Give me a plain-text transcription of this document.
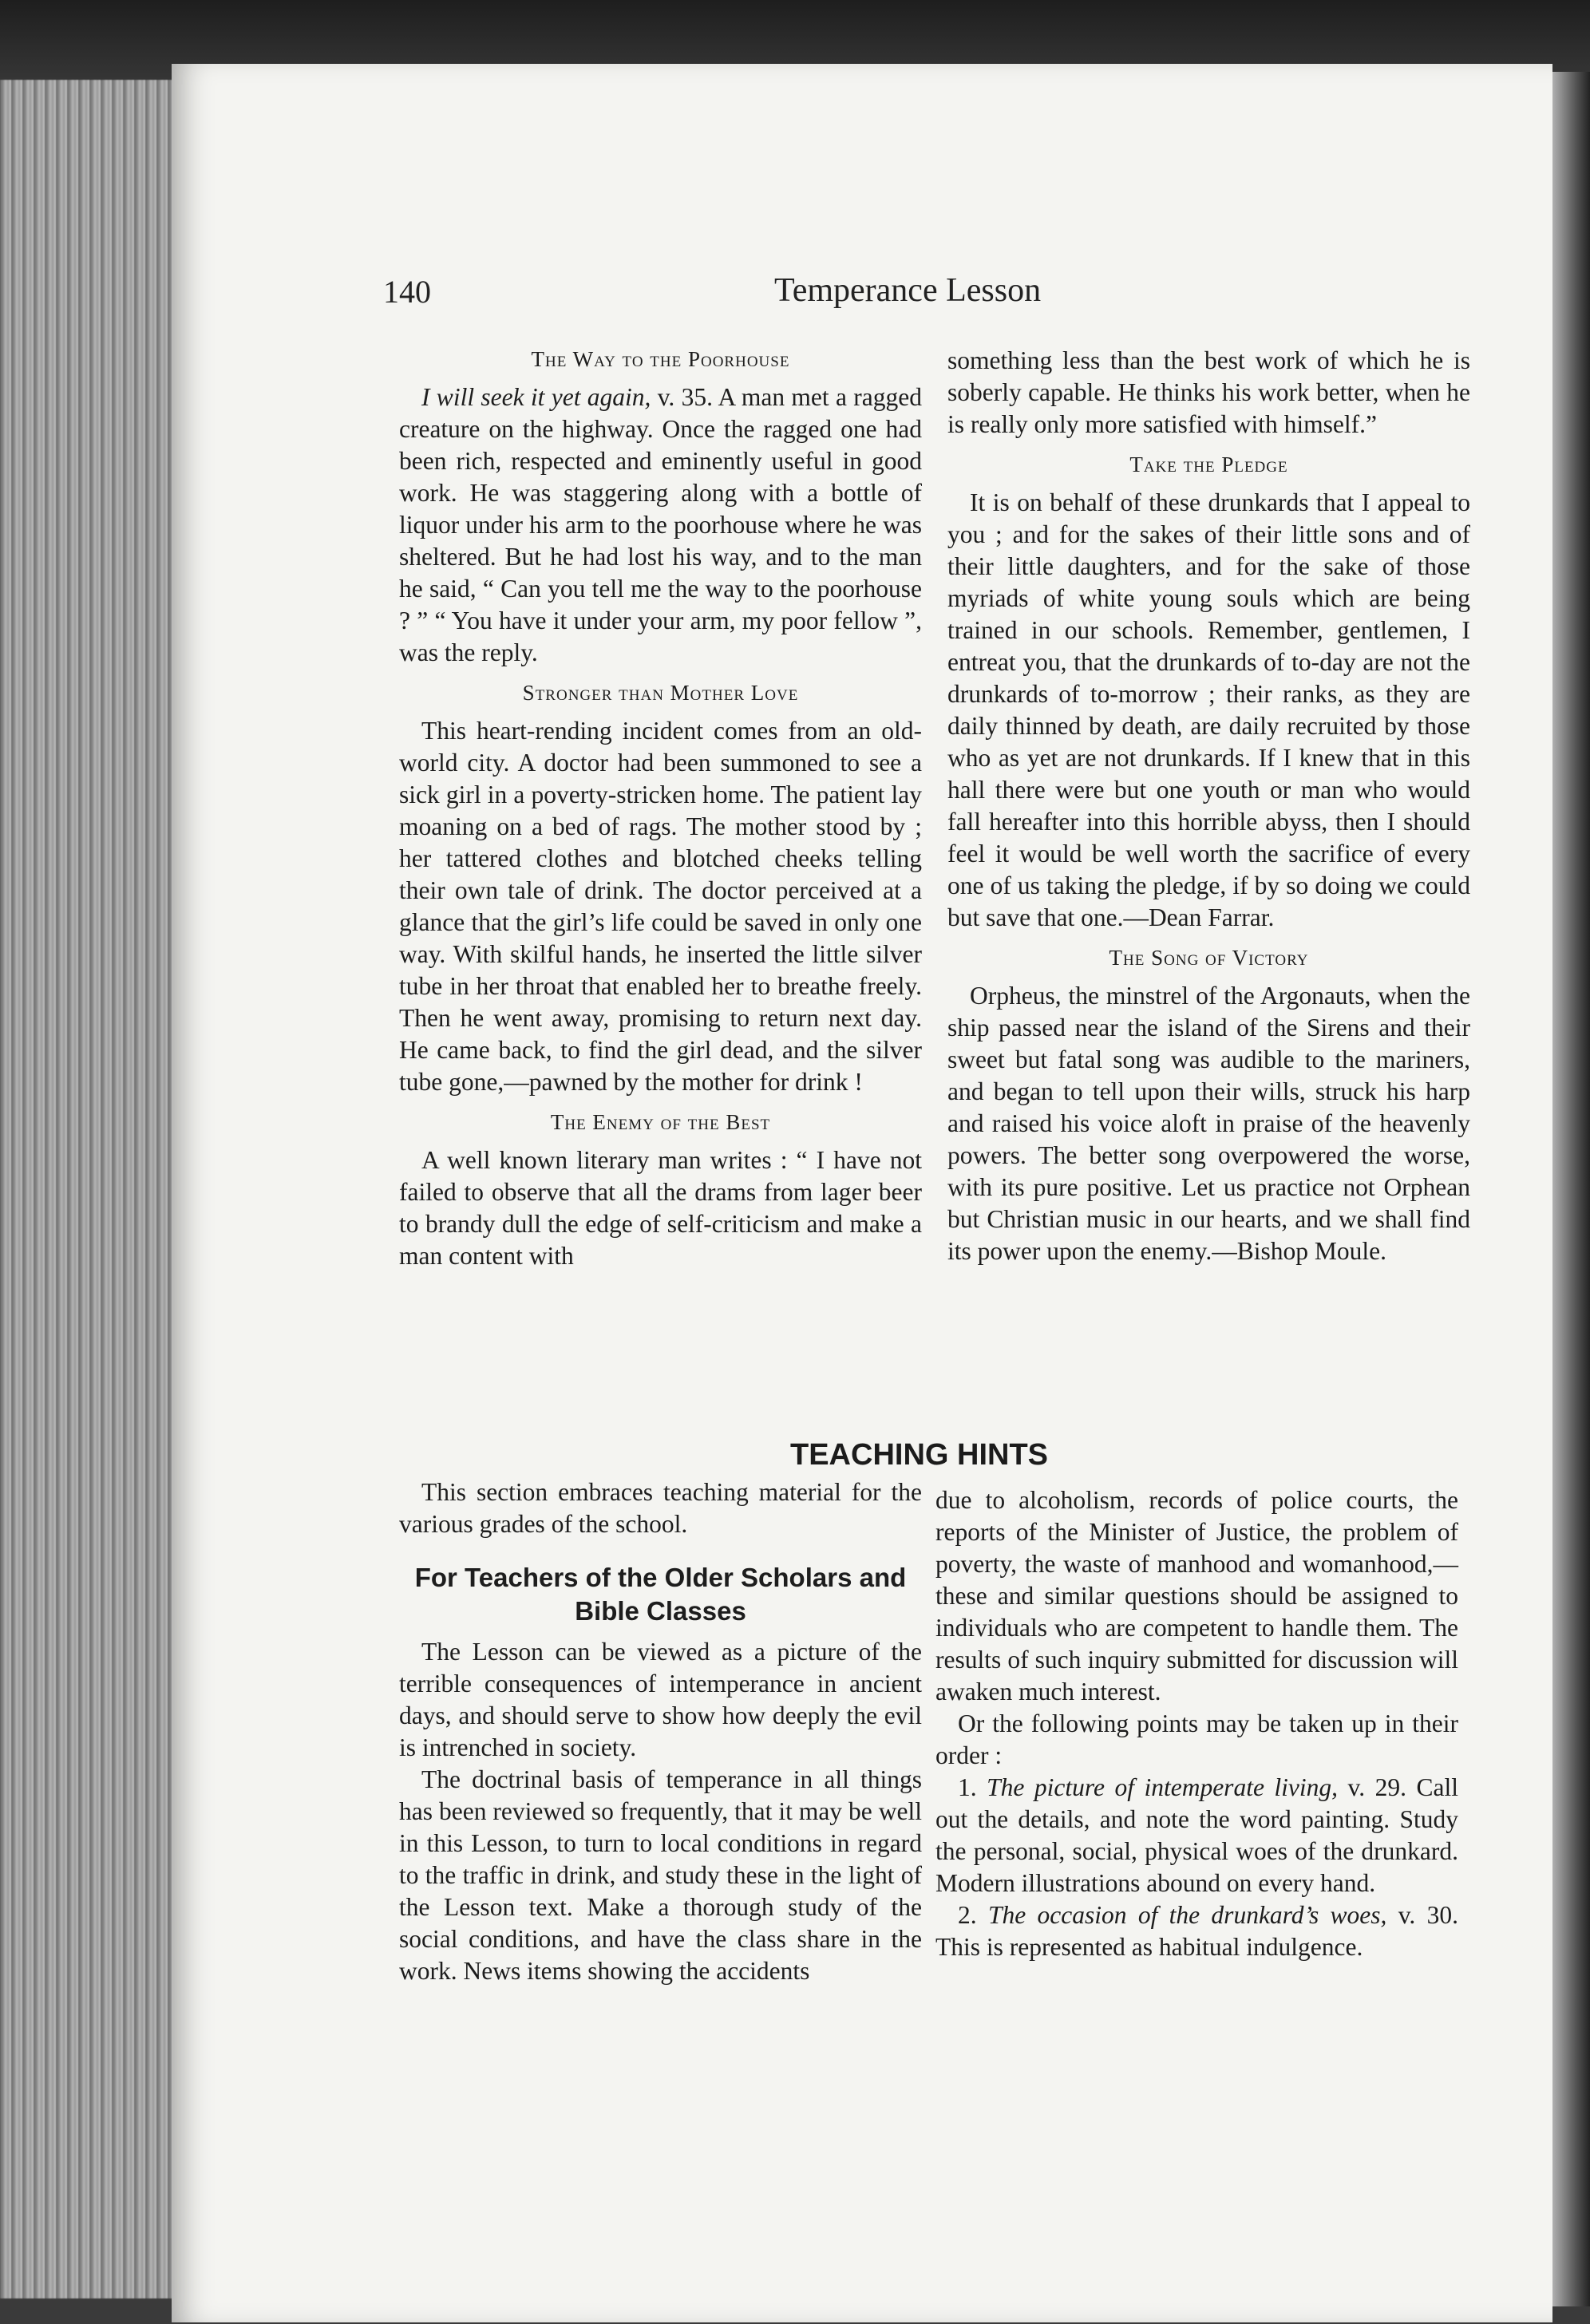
140	Temperance Lesson
The Way to the Poorhouse

I will seek it yet again, v. 35. A man met a ragged creature on the highway. Once the ragged one had been rich, respected and eminently useful in good work. He was staggering along with a bottle of liquor under his arm to the poorhouse where he was sheltered. But he had lost his way, and to the man he said, “ Can you tell me the way to the poorhouse ? ” “ You have it under your arm, my poor fellow ”, was the reply.

Stronger than Mother Love

This heart-rending incident comes from an old-world city. A doctor had been summoned to see a sick girl in a poverty-stricken home. The patient lay moaning on a bed of rags. The mother stood by ; her tattered clothes and blotched cheeks telling their own tale of drink. The doctor perceived at a glance that the girl’s life could be saved in only one way. With skilful hands, he inserted the little silver tube in her throat that enabled her to breathe freely. Then he went away, promising to return next day. He came back, to find the girl dead, and the silver tube gone,—pawned by the mother for drink !

The Enemy of the Best

A well known literary man writes : “ I have not failed to observe that all the drams from lager beer to brandy dull the edge of self-criticism and make a man content with

something less than the best work of which he is soberly capable. He thinks his work better, when he is really only more satisfied with himself.”

Take the Pledge

It is on behalf of these drunkards that I appeal to you ; and for the sakes of their little sons and of their little daughters, and for the sake of those myriads of white young souls which are being trained in our schools. Remember, gentlemen, I entreat you, that the drunkards of to-day are not the drunkards of to-morrow ; their ranks, as they are daily thinned by death, are daily recruited by those who as yet are not drunkards. If I knew that in this hall there were but one youth or man who would fall hereafter into this horrible abyss, then I should feel it would be well worth the sacrifice of every one of us taking the pledge, if by so doing we could but save that one.—Dean Farrar.

The Song of Victory

Orpheus, the minstrel of the Argonauts, when the ship passed near the island of the Sirens and their sweet but fatal song was audible to the mariners, and began to tell upon their wills, struck his harp and raised his voice aloft in praise of the heavenly powers. The better song overpowered the worse, with its pure positive. Let us practice not Orphean but Christian music in our hearts, and we shall find its power upon the enemy.—Bishop Moule.

TEACHING HINTS

This section embraces teaching material for the various grades of the school.

For Teachers of the Older Scholars and Bible Classes

The Lesson can be viewed as a picture of the terrible consequences of intemperance in ancient days, and should serve to show how deeply the evil is intrenched in society.

The doctrinal basis of temperance in all things has been reviewed so frequently, that it may be well in this Lesson, to turn to local conditions in regard to the traffic in drink, and study these in the light of the Lesson text. Make a thorough study of the social conditions, and have the class share in the work. News items showing the accidents

due to alcoholism, records of police courts, the reports of the Minister of Justice, the problem of poverty, the waste of manhood and womanhood,—these and similar questions should be assigned to individuals who are competent to handle them. The results of such inquiry submitted for discussion will awaken much interest.

Or the following points may be taken up in their order :

1. The picture of intemperate living, v. 29. Call out the details, and note the word painting. Study the personal, social, physical woes of the drunkard. Modern illustrations abound on every hand.

2. The occasion of the drunkard’s woes, v. 30. This is represented as habitual indulgence.
